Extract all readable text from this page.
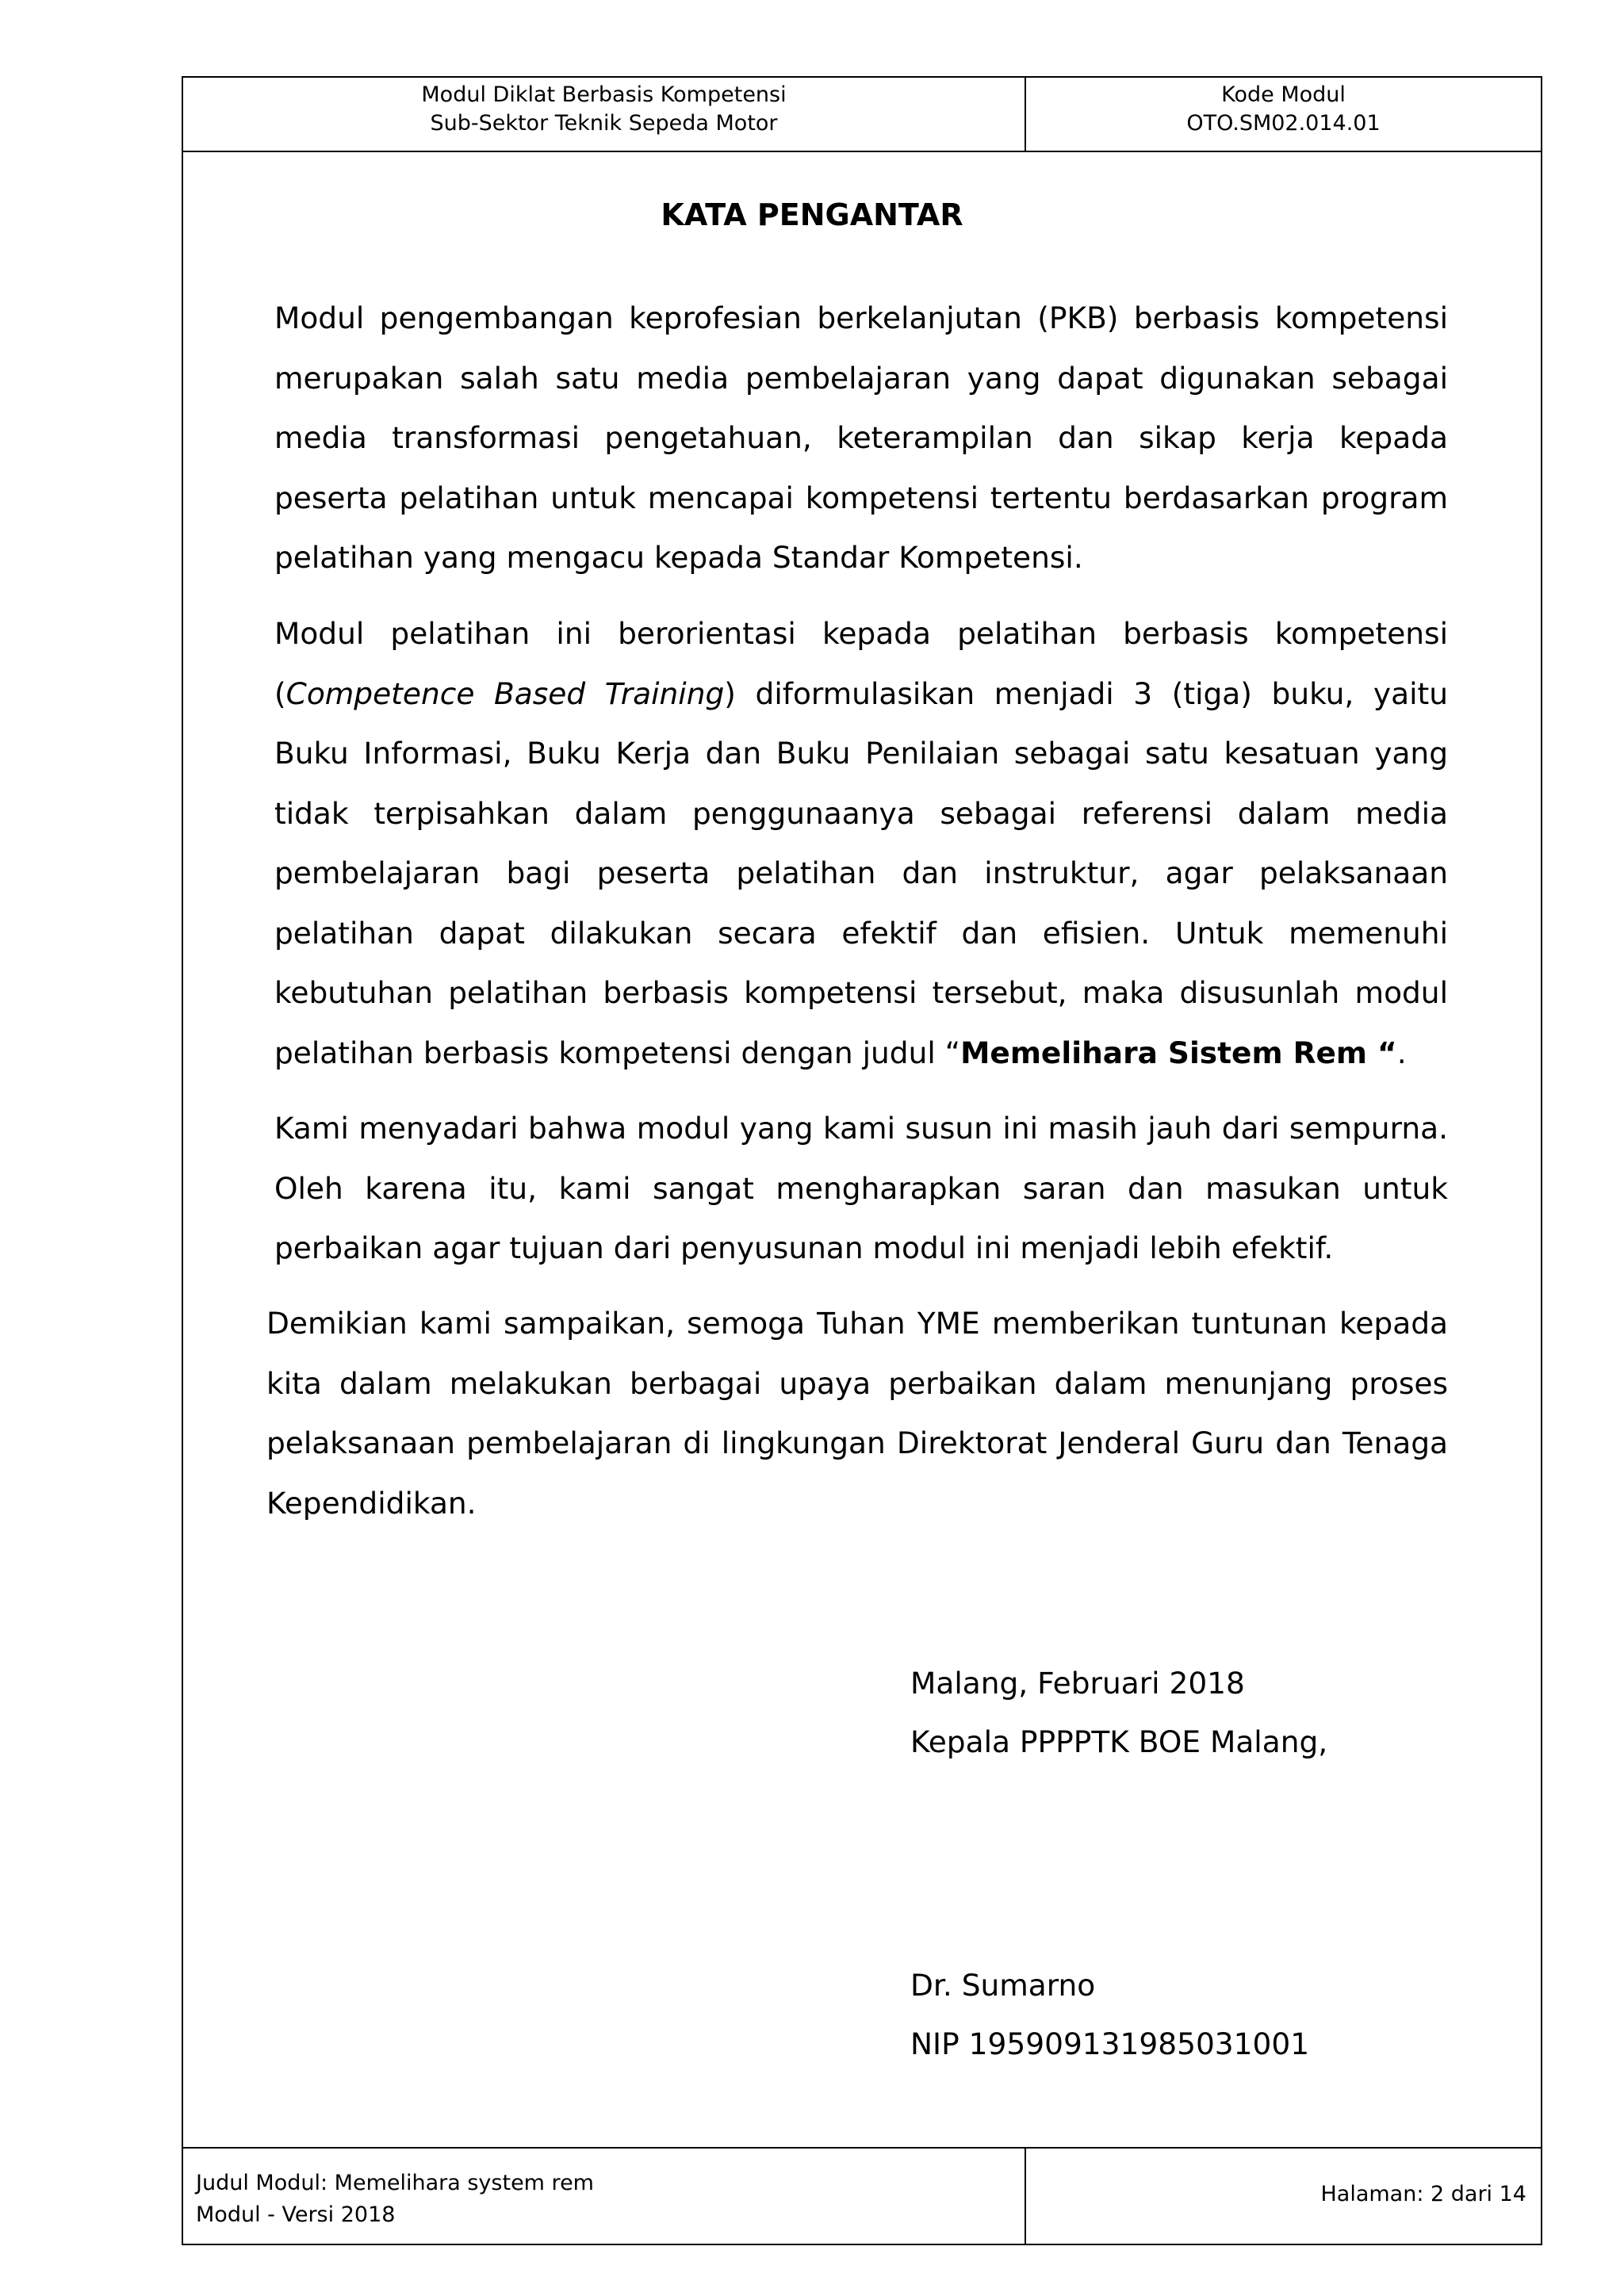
Modul Diklat Berbasis Kompetensi
Sub-Sektor Teknik Sepeda Motor
Kode Modul
OTO.SM02.014.01
Judul Modul: Memelihara system rem
Modul - Versi 2018
Halaman: 2 dari 14
KATA PENGANTAR

Modul pengembangan keprofesian berkelanjutan (PKB) berbasis kompetensi merupakan salah satu media pembelajaran yang dapat digunakan sebagai media transformasi pengetahuan, keterampilan dan sikap kerja kepada peserta pelatihan untuk mencapai kompetensi tertentu berdasarkan program pelatihan yang mengacu kepada Standar Kompetensi.

Modul pelatihan ini berorientasi kepada pelatihan berbasis kompetensi (Competence Based Training) diformulasikan menjadi 3 (tiga) buku, yaitu Buku Informasi, Buku Kerja dan Buku Penilaian sebagai satu kesatuan yang tidak terpisahkan dalam penggunaanya sebagai referensi dalam media pembelajaran bagi peserta pelatihan dan instruktur, agar pelaksanaan pelatihan dapat dilakukan secara efektif dan efisien. Untuk memenuhi kebutuhan pelatihan berbasis kompetensi tersebut, maka disusunlah modul pelatihan berbasis kompetensi dengan judul “Memelihara Sistem Rem “.

Kami menyadari bahwa modul yang kami susun ini masih jauh dari sempurna. Oleh karena itu, kami sangat mengharapkan saran dan masukan untuk perbaikan agar tujuan dari penyusunan modul ini menjadi lebih efektif.

Demikian kami sampaikan, semoga Tuhan YME memberikan tuntunan kepada kita dalam melakukan berbagai upaya perbaikan dalam menunjang proses pelaksanaan pembelajaran di lingkungan Direktorat Jenderal Guru dan Tenaga Kependidikan.

Malang, Februari 2018

Kepala PPPPTK BOE Malang,

Dr. Sumarno

NIP 195909131985031001
